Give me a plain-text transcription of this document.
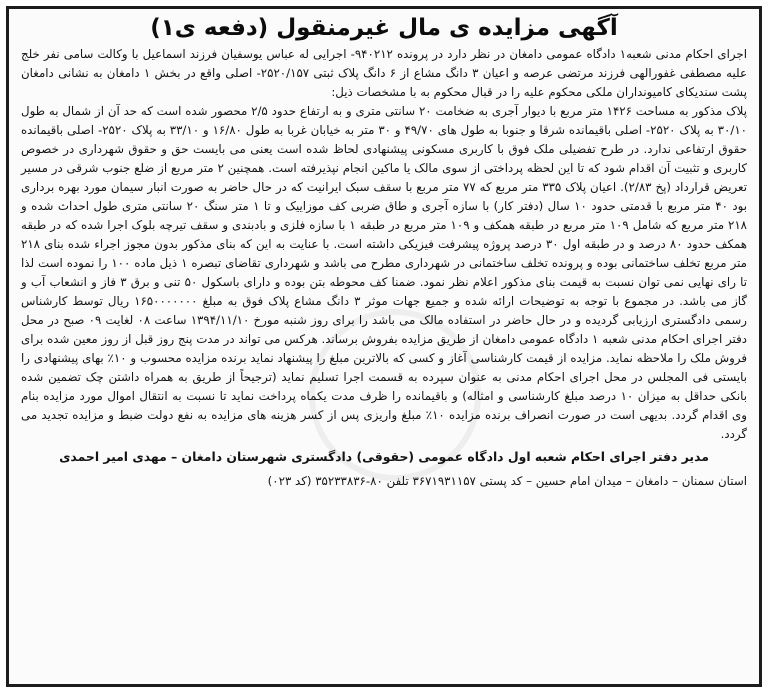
آگهی مزایده ی مال غیرمنقول (دفعه ی۱)

اجرای احکام مدنی شعبه۱ دادگاه عمومی دامغان در نظر دارد در پرونده ۹۴۰۲۱۲- اجرایی له عباس یوسفیان فرزند اسماعیل با وکالت سامی نفر خلج علیه مصطفی غفورالهی فرزند مرتضی عرصه و اعیان ۳ دانگ مشاع از ۶ دانگ پلاک ثبتی ۲۵۲۰/۱۵۷- اصلی واقع در بخش ۱ دامغان به نشانی دامغان پشت سندیکای کامیونداران ملکی محکوم علیه را در قبال محکوم به با مشخصات ذیل:

پلاک مذکور به مساحت ۱۴۲۶ متر مربع با دیوار آجری به ضخامت ۲۰ سانتی متری و به ارتفاع حدود ۲/۵ محصور شده است که حد آن از شمال به طول ۳۰/۱۰ به پلاک ۲۵۲۰- اصلی باقیمانده شرقا و جنوبا به طول های ۴۹/۷۰ و ۳۰ متر به خیابان غربا به طول ۱۶/۸۰ و ۳۳/۱۰ به پلاک ۲۵۲۰- اصلی باقیمانده حقوق ارتفاعی ندارد. در طرح تفضیلی ملک فوق با کاربری مسکونی پیشنهادی لحاظ شده است یعنی می بایست حق و حقوق شهرداری در خصوص کاربری و تثبیت آن اقدام شود که تا این لحظه پرداختی از سوی مالک یا ماکین انجام نپذیرفته است. همچنین ۲ متر مربع از ضلع جنوب شرقی در مسیر تعریض قرارداد (پخ ۲/۸۳). اعیان پلاک ۳۳۵ متر مربع که ۷۷ متر مربع با سقف سبک ایرانیت که در حال حاضر به صورت انبار سیمان مورد بهره برداری بود ۴۰ متر مربع با قدمتی حدود ۱۰ سال (دفتر کار) با سازه آجری و طاق ضربی کف موزاییک و تا ۱ متر سنگ ۲۰ سانتی متری طول احداث شده و ۲۱۸ متر مربع که شامل ۱۰۹ متر مربع در طبقه همکف و ۱۰۹ متر مربع در طبقه ۱ با سازه فلزی و بادبندی و سقف تیرچه بلوک اجرا شده که در طبقه همکف حدود ۸۰ درصد و در طبقه اول ۳۰ درصد پروژه پیشرفت فیزیکی داشته است. با عنایت به این که بنای مذکور بدون مجوز اجراء شده بنای ۲۱۸ متر مربع تخلف ساختمانی بوده و پرونده تخلف ساختمانی در شهرداری مطرح می باشد و شهرداری تقاضای تبصره ۱ ذیل ماده ۱۰۰ را نموده است لذا تا رای نهایی نمی توان نسبت به قیمت بنای مذکور اعلام نظر نمود. ضمنا کف محوطه بتن بوده و دارای باسکول ۵۰ تنی و برق ۳ فاز و انشعاب آب و گاز می باشد. در مجموع با توجه به توضیحات ارائه شده و جمیع جهات موثر ۳ دانگ مشاع پلاک فوق به مبلغ ۱۶۵۰۰۰۰۰۰۰ ریال توسط کارشناس رسمی دادگستری ارزیابی گردیده و در حال حاضر در استفاده مالک می باشد را برای روز شنبه مورخ ۱۳۹۴/۱۱/۱۰ ساعت ۰۸ لغایت ۰۹ صبح در محل دفتر اجرای احکام مدنی شعبه ۱ دادگاه عمومی دامغان از طریق مزایده بفروش برساند. هرکس می تواند در مدت پنج روز قبل از روز معین شده برای فروش ملک را ملاحظه نماید. مزایده از قیمت کارشناسی آغاز و کسی که بالاترین مبلغ را پیشنهاد نماید برنده مزایده محسوب و ۱۰٪ بهای پیشنهادی را بایستی فی المجلس در محل اجرای احکام مدنی به عنوان سپرده به قسمت اجرا تسلیم نماید (ترجیحاً از طریق به همراه داشتن چک تضمین شده بانکی حداقل به میزان ۱۰ درصد مبلغ کارشناسی و امثاله) و باقیمانده را ظرف مدت یکماه پرداخت نماید تا نسبت به انتقال اموال مورد مزایده بنام وی اقدام گردد. بدیهی است در صورت انصراف برنده مزایده ۱۰٪ مبلغ واریزی پس از کسر هزینه های مزایده به نفع دولت ضبط و مزایده تجدید می گردد.

مدیر دفتر اجرای احکام شعبه اول دادگاه عمومی (حقوقی) دادگستری شهرستان دامغان – مهدی امیر احمدی
استان سمنان – دامغان – میدان امام حسین – کد پستی ۳۶۷۱۹۳۱۱۵۷ تلفن ۸۰-۳۵۲۳۳۸۳۶ (کد ۰۲۳)
